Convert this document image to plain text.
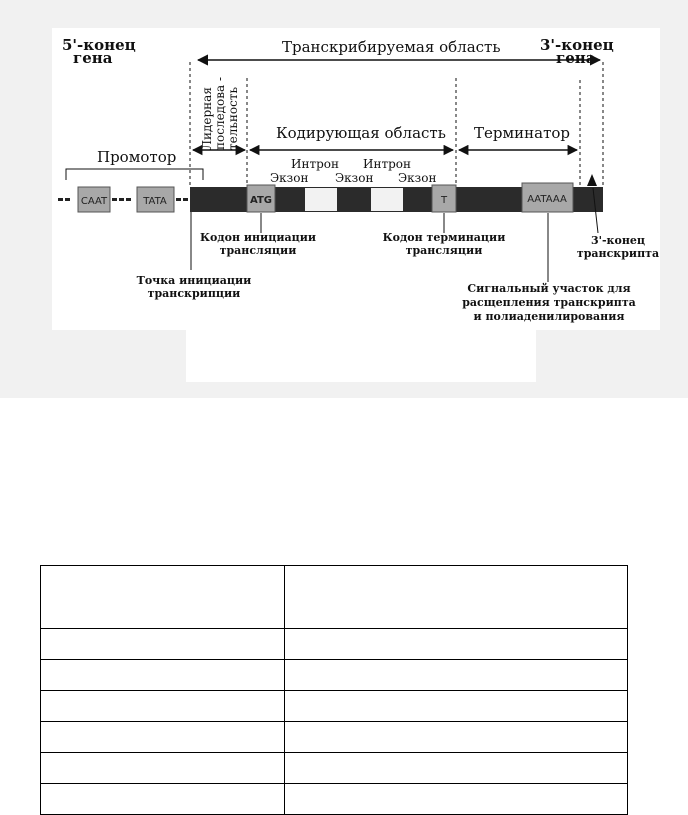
5'-конец
гена
3'-конец
гена
Транскрибируемая область
Лидерная последова - тельность Кодирующая область Терминатор
Промотор	Интрон Интрон
Экзон Экзон Экзон
CAAT	TATA	ATG	T	AATAAA
Кодон инициации
трансляции
Кодон терминации
трансляции
3'-конец
транскрипта
Точка инициации
транскрипции	Сигнальный участок для
расщепления транскрипта
и полиаденилирования
